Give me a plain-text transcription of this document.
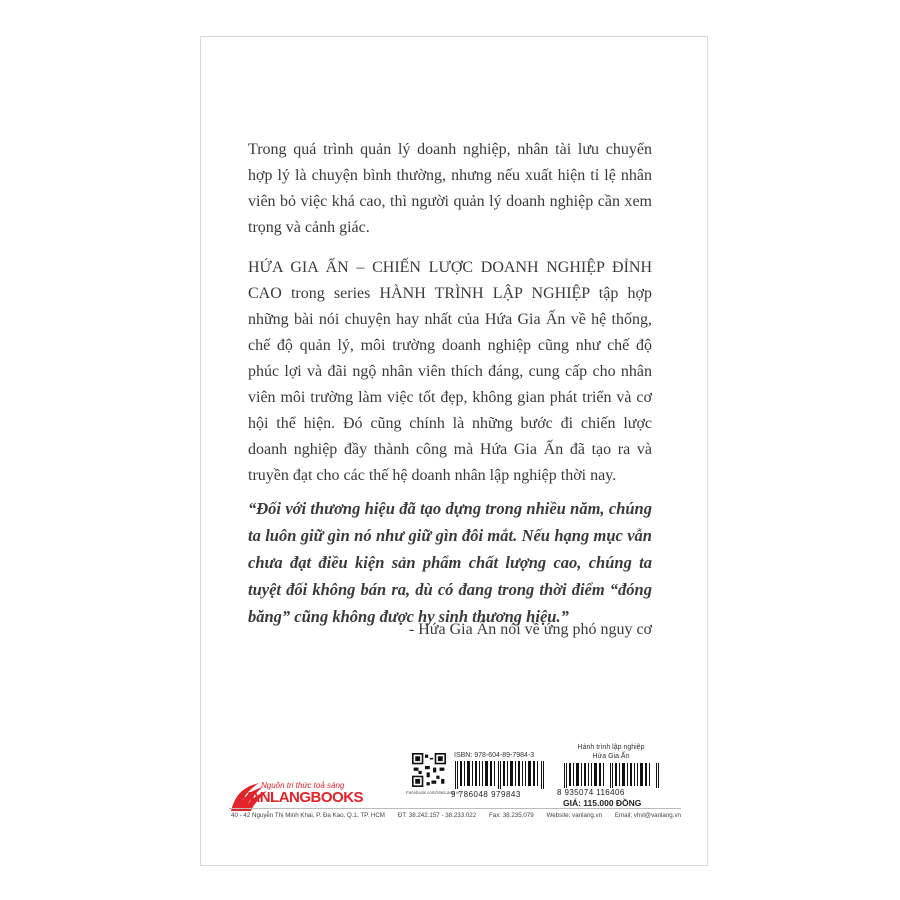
Trong quá trình quản lý doanh nghiệp, nhân tài lưu chuyển hợp lý là chuyện bình thường, nhưng nếu xuất hiện tỉ lệ nhân viên bỏ việc khá cao, thì người quản lý doanh nghiệp cần xem trọng và cảnh giác.

HỨA GIA ẤN – CHIẾN LƯỢC DOANH NGHIỆP ĐỈNH CAO trong series HÀNH TRÌNH LẬP NGHIỆP tập hợp những bài nói chuyện hay nhất của Hứa Gia Ấn về hệ thống, chế độ quản lý, môi trường doanh nghiệp cũng như chế độ phúc lợi và đãi ngộ nhân viên thích đáng, cung cấp cho nhân viên môi trường làm việc tốt đẹp, không gian phát triển và cơ hội thể hiện. Đó cũng chính là những bước đi chiến lược doanh nghiệp đầy thành công mà Hứa Gia Ấn đã tạo ra và truyền đạt cho các thế hệ doanh nhân lập nghiệp thời nay.

“Đối với thương hiệu đã tạo dựng trong nhiều năm, chúng ta luôn giữ gìn nó như giữ gìn đôi mắt. Nếu hạng mục vẫn chưa đạt điều kiện sản phẩm chất lượng cao, chúng ta tuyệt đối không bán ra, dù có đang trong thời điểm “đóng băng” cũng không được hy sinh thương hiệu.”
- Hứa Gia Ấn nói về ứng phó nguy cơ
Nguồn tri thức toả sáng
VANLANGBOOKS	Facebook.com/VanLang.vn
ISBN: 978-604-89-7984-3
9 786048 979843
Hành trình lập nghiệp
Hứa Gia Ấn
8 935074 116406
GIÁ: 115.000 ĐỒNG
40 - 42 Nguyễn Thị Minh Khai, P. Đa Kao, Q.1, TP. HCM ĐT: 38.242.157 - 38.233.022 Fax: 38.235.079 Website: vanlang.vn Email: vhvl@vanlang.vn
